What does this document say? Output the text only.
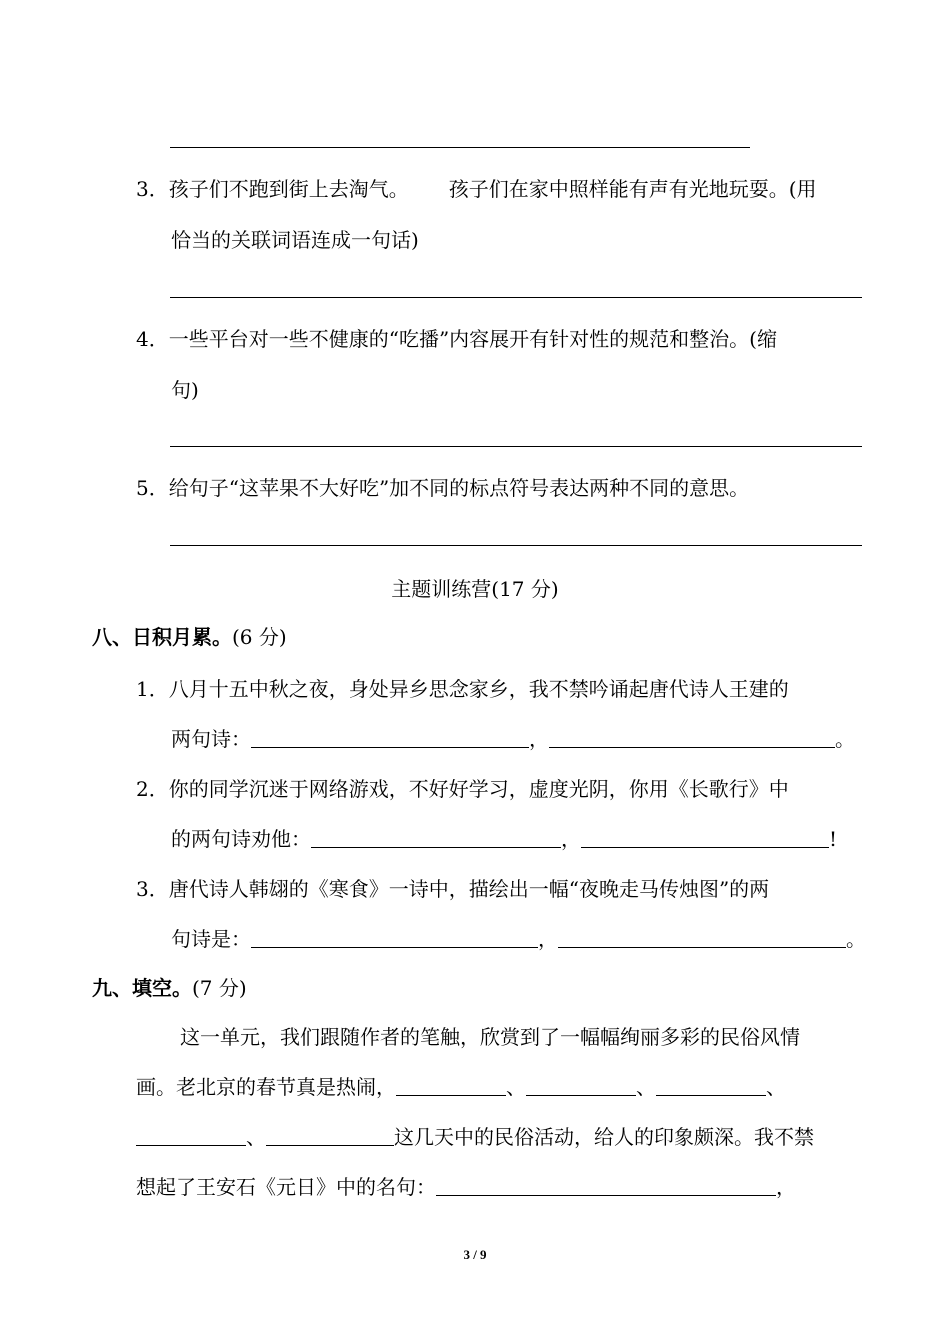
3．孩子们不跑到街上去淘气。 孩子们在家中照样能有声有光地玩耍。(用
恰当的关联词语连成一句话)
4．一些平台对一些不健康的“吃播”内容展开有针对性的规范和整治。(缩
句)
5．给句子“这苹果不大好吃”加不同的标点符号表达两种不同的意思。
主题训练营(17 分)
八、日积月累。(6 分)
1．八月十五中秋之夜，身处异乡思念家乡，我不禁吟诵起唐代诗人王建的
两句诗：	，	。
2．你的同学沉迷于网络游戏，不好好学习，虚度光阴，你用《长歌行》中
的两句诗劝他：	，	!
3．唐代诗人韩翃的《寒食》一诗中，描绘出一幅“夜晚走马传烛图”的两
句诗是：	，	。
九、填空。(7 分)
这一单元，我们跟随作者的笔触，欣赏到了一幅幅绚丽多彩的民俗风情
画。老北京的春节真是热闹，	、	、	、
、	这几天中的民俗活动，给人的印象颇深。我不禁
想起了王安石《元日》中的名句：	，
3 / 9
